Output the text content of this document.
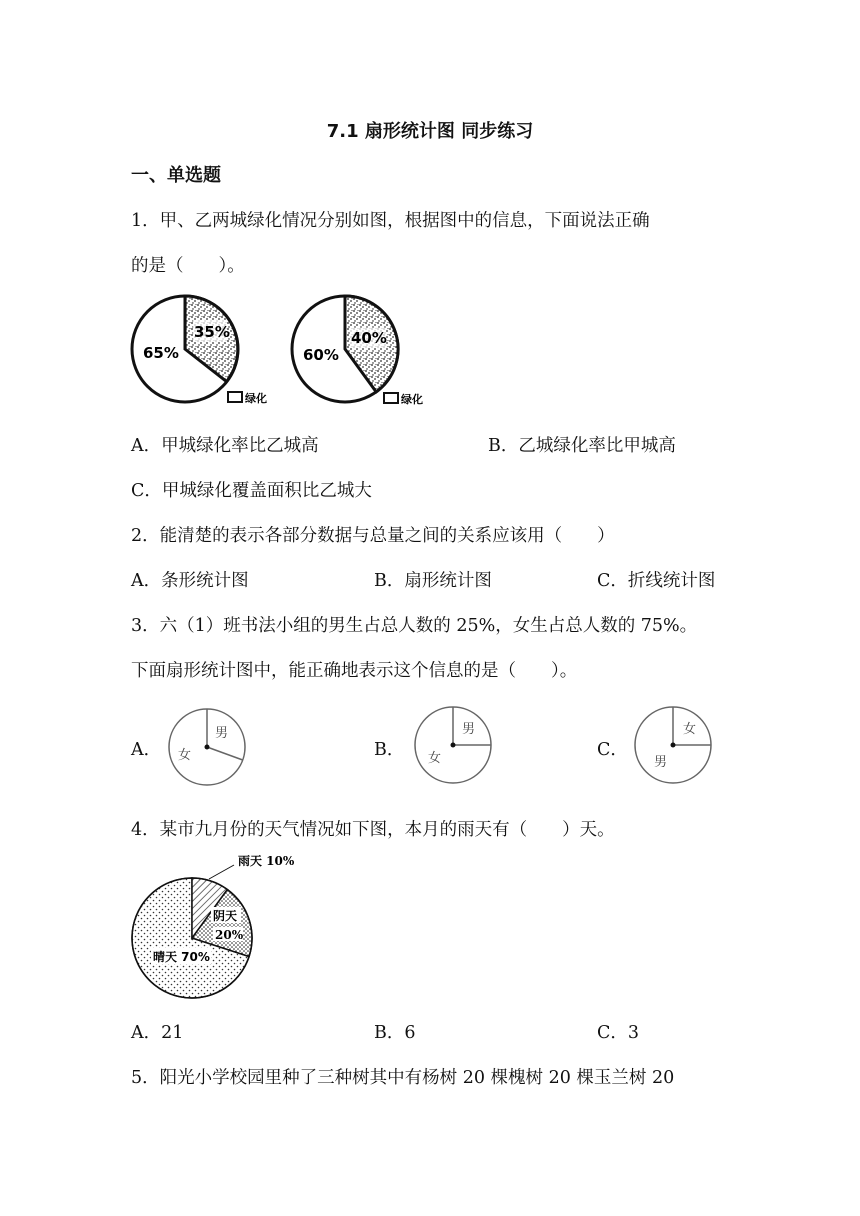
7.1 扇形统计图 同步练习
一、单选题
1．甲、乙两城绿化情况分别如图，根据图中的信息，下面说法正确
的是（　　）。
35%
65%
绿化
40%
60%
绿化
A．甲城绿化率比乙城高	B．乙城绿化率比甲城高
C．甲城绿化覆盖面积比乙城大
2．能清楚的表示各部分数据与总量之间的关系应该用（　　）
A．条形统计图	B．扇形统计图	C．折线统计图
3．六（1）班书法小组的男生占总人数的 25%，女生占总人数的 75%。
下面扇形统计图中，能正确地表示这个信息的是（　　）。
A．
男
女	B．
男
女	C．
女
男
4．某市九月份的天气情况如下图，本月的雨天有（　　）天。
雨天 10%
阴天
20%
晴天 70%
A．21	B．6	C．3
5．阳光小学校园里种了三种树其中有杨树 20 棵槐树 20 棵玉兰树 20
